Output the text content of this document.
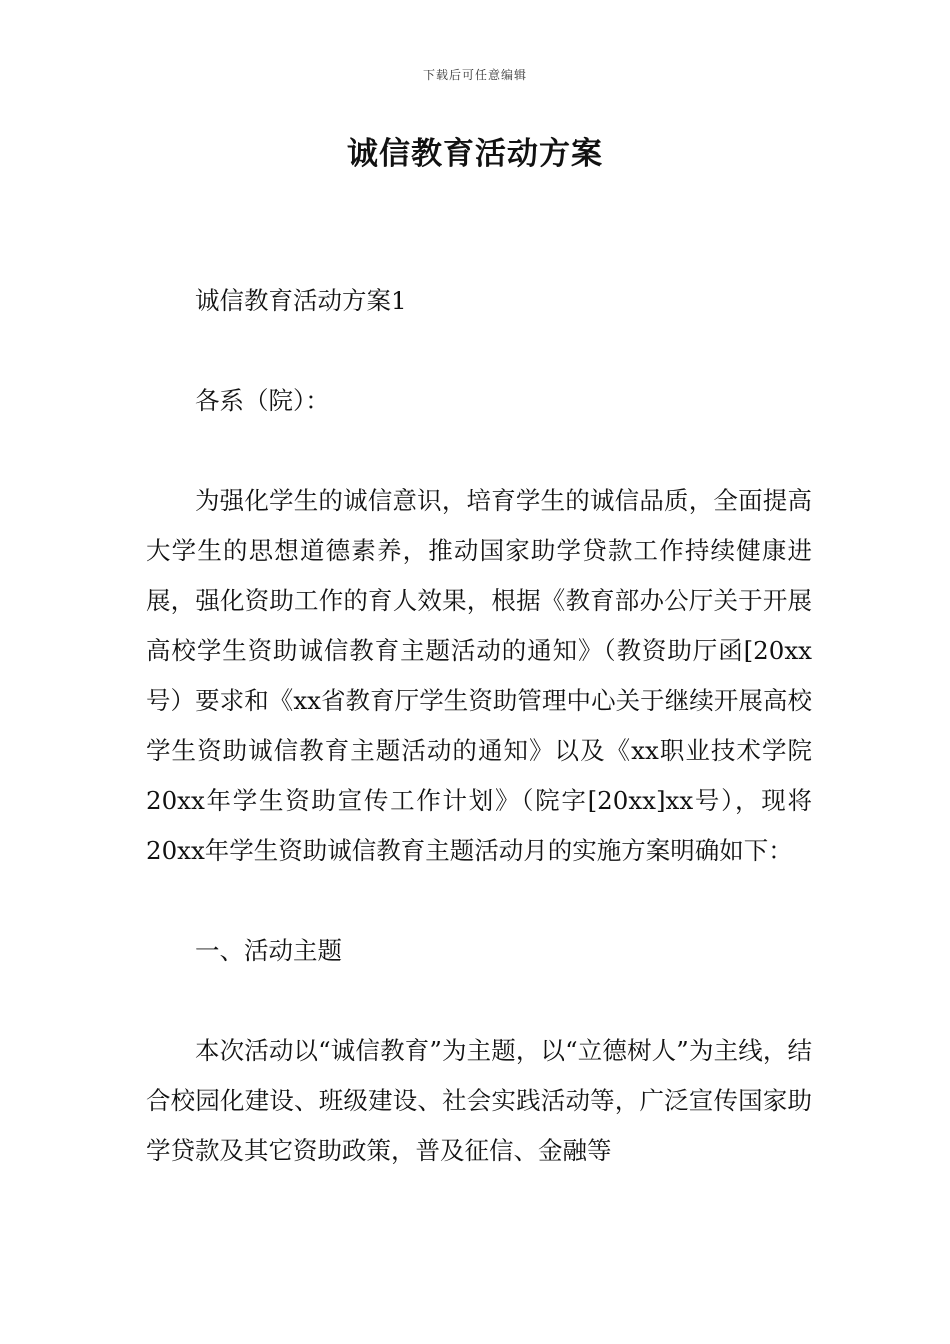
下载后可任意编辑
诚信教育活动方案

诚信教育活动方案1

各系（院）：

为强化学生的诚信意识，培育学生的诚信品质，全面提高大学生的思想道德素养，推动国家助学贷款工作持续健康进展，强化资助工作的育人效果，根据《教育部办公厅关于开展高校学生资助诚信教育主题活动的通知》（教资助厅函[20xx号）要求和《xx省教育厅学生资助管理中心关于继续开展高校学生资助诚信教育主题活动的通知》以及《xx职业技术学院20xx年学生资助宣传工作计划》（院字[20xx]xx号），现将20xx年学生资助诚信教育主题活动月的实施方案明确如下：

一、活动主题

本次活动以“诚信教育”为主题，以“立德树人”为主线，结合校园化建设、班级建设、社会实践活动等，广泛宣传国家助学贷款及其它资助政策，普及征信、金融等
